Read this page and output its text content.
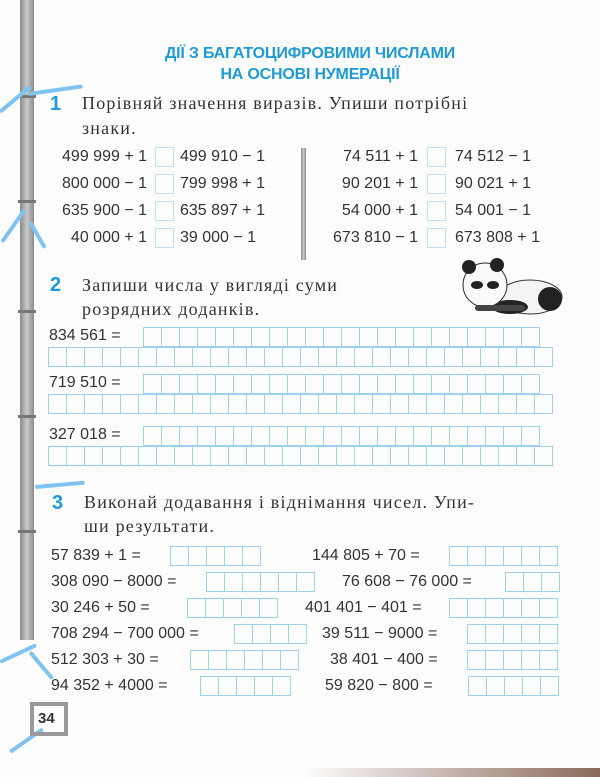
ДІЇ З БАГАТОЦИФРОВИМИ ЧИСЛАМИ
НА ОСНОВІ НУМЕРАЦІЇ
1 Порівняй значення виразів. Упиши потрібні
знаки.
499 999 + 1 499 910 − 1
800 000 − 1 799 998 + 1
635 900 − 1 635 897 + 1
40 000 + 1 39 000 − 1
74 511 + 1 74 512 − 1
90 201 + 1 90 021 + 1
54 000 + 1 54 001 − 1
673 810 − 1 673 808 + 1
2 Запиши числа у вигляді суми
розрядних доданків.
834 561 =
719 510 =
327 018 =
3 Виконай додавання і віднімання чисел. Упи-
ши результати.
57 839 + 1 =
308 090 − 8000 =
30 246 + 50 =
708 294 − 700 000 =
512 303 + 30 =
94 352 + 4000 =
144 805 + 70 =
76 608 − 76 000 =
401 401 − 401 =
39 511 − 9000 =
38 401 − 400 =
59 820 − 800 =
34
